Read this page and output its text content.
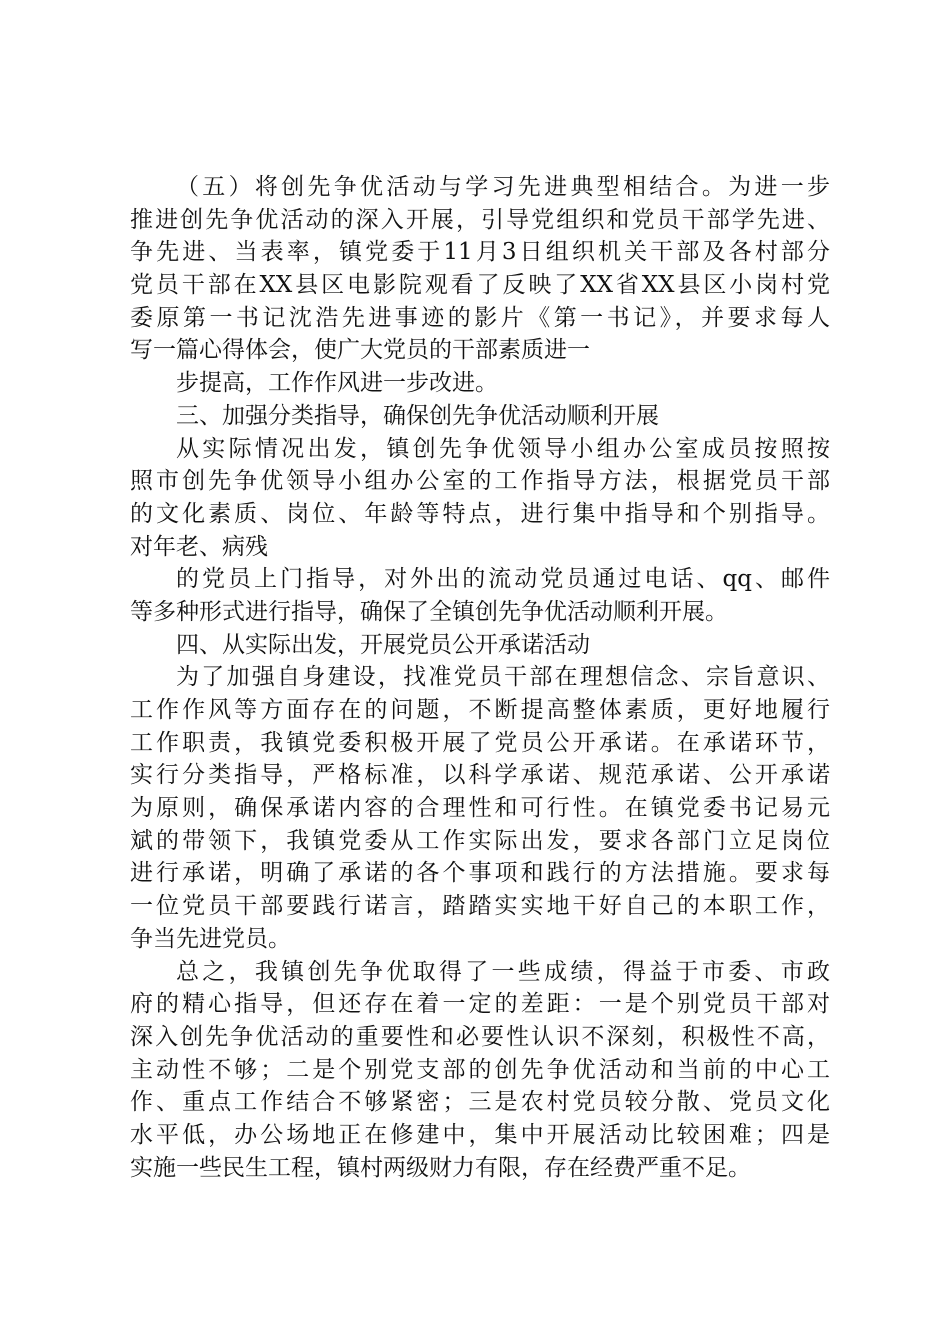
（五）将创先争优活动与学习先进典型相结合。为进一步
推进创先争优活动的深入开展，引导党组织和党员干部学先进、
争先进、当表率，镇党委于11月3日组织机关干部及各村部分
党员干部在XX县区电影院观看了反映了XX省XX县区小岗村党
委原第一书记沈浩先进事迹的影片《第一书记》，并要求每人
写一篇心得体会，使广大党员的干部素质进一
步提高，工作作风进一步改进。
三、加强分类指导，确保创先争优活动顺利开展
从实际情况出发，镇创先争优领导小组办公室成员按照按
照市创先争优领导小组办公室的工作指导方法，根据党员干部
的文化素质、岗位、年龄等特点，进行集中指导和个别指导。
对年老、病残
的党员上门指导，对外出的流动党员通过电话、qq、邮件
等多种形式进行指导，确保了全镇创先争优活动顺利开展。
四、从实际出发，开展党员公开承诺活动
为了加强自身建设，找准党员干部在理想信念、宗旨意识、
工作作风等方面存在的问题，不断提高整体素质，更好地履行
工作职责，我镇党委积极开展了党员公开承诺。在承诺环节，
实行分类指导，严格标准，以科学承诺、规范承诺、公开承诺
为原则，确保承诺内容的合理性和可行性。在镇党委书记易元
斌的带领下，我镇党委从工作实际出发，要求各部门立足岗位
进行承诺，明确了承诺的各个事项和践行的方法措施。要求每
一位党员干部要践行诺言，踏踏实实地干好自己的本职工作，
争当先进党员。
总之，我镇创先争优取得了一些成绩，得益于市委、市政
府的精心指导，但还存在着一定的差距：一是个别党员干部对
深入创先争优活动的重要性和必要性认识不深刻，积极性不高，
主动性不够；二是个别党支部的创先争优活动和当前的中心工
作、重点工作结合不够紧密；三是农村党员较分散、党员文化
水平低，办公场地正在修建中，集中开展活动比较困难；四是
实施一些民生工程，镇村两级财力有限，存在经费严重不足。
